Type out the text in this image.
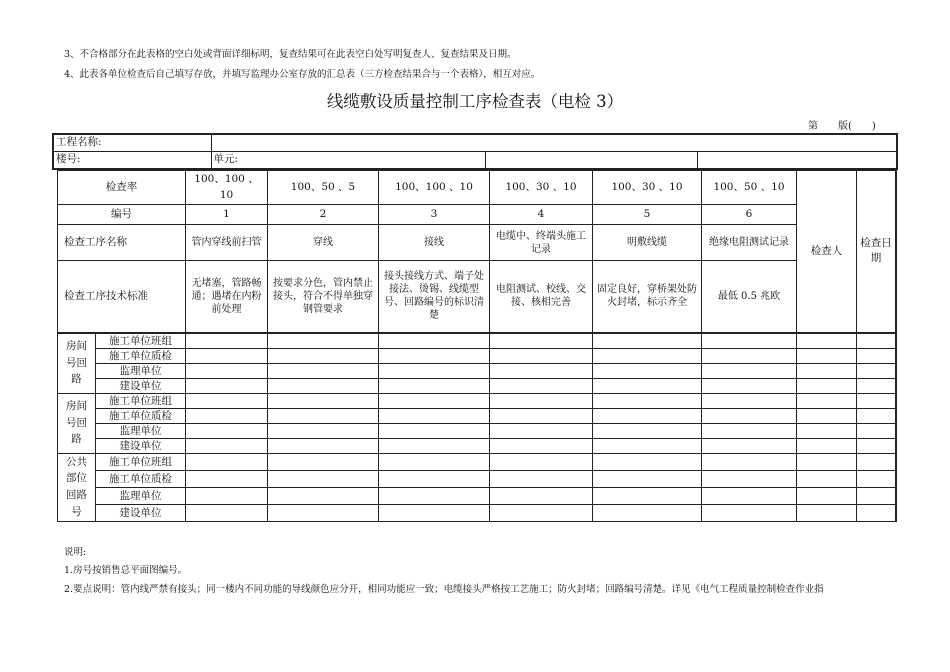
3、不合格部分在此表格的空白处或背面详细标明，复查结果可在此表空白处写明复查人、复查结果及日期。
4、此表各单位检查后自己填写存放，并填写监理办公室存放的汇总表（三方检查结果合与一个表格），相互对应。
线缆敷设质量控制工序检查表（电检 3）
第　　版(　　)
工程名称:			
楼号:	单元:		
检查率		100、100 、10	100、50 、5	100、100 、10	100、30 、10	100、30 、10	100、50 、10	检查人	检查日期
编号		1	2	3	4	5	6		
检查工序名称		管内穿线前扫管	穿线	接线	电缆中、终端头施工记录	明敷线缆	绝缘电阻测试记录		
检查工序技术标准		无堵塞，管路畅通；遇堵在内粉前处理	按要求分色，管内禁止接头，符合不得单独穿钢管要求	接头接线方式、端子处接法、烫锡、线缆型号、回路编号的标识清楚	电阻测试、校线、交接、核相完善	固定良好，穿桥架处防火封堵，标示齐全	最低 0.5 兆欧		
房间号回路	施工单位班组								
	施工单位质检								
	监理单位								
	建设单位								
房间号回路	施工单位班组								
	施工单位质检								
	监理单位								
	建设单位								
公共部位回路号	施工单位班组								
	施工单位质检								
	监理单位								
	建设单位								
说明:
1.房号按销售总平面图编号。
2.要点说明：管内线严禁有接头；同一楼内不同功能的导线颜色应分开，相同功能应一致；电缆接头严格按工艺施工；防火封堵；回路编号清楚。详见《电气工程质量控制检查作业指
